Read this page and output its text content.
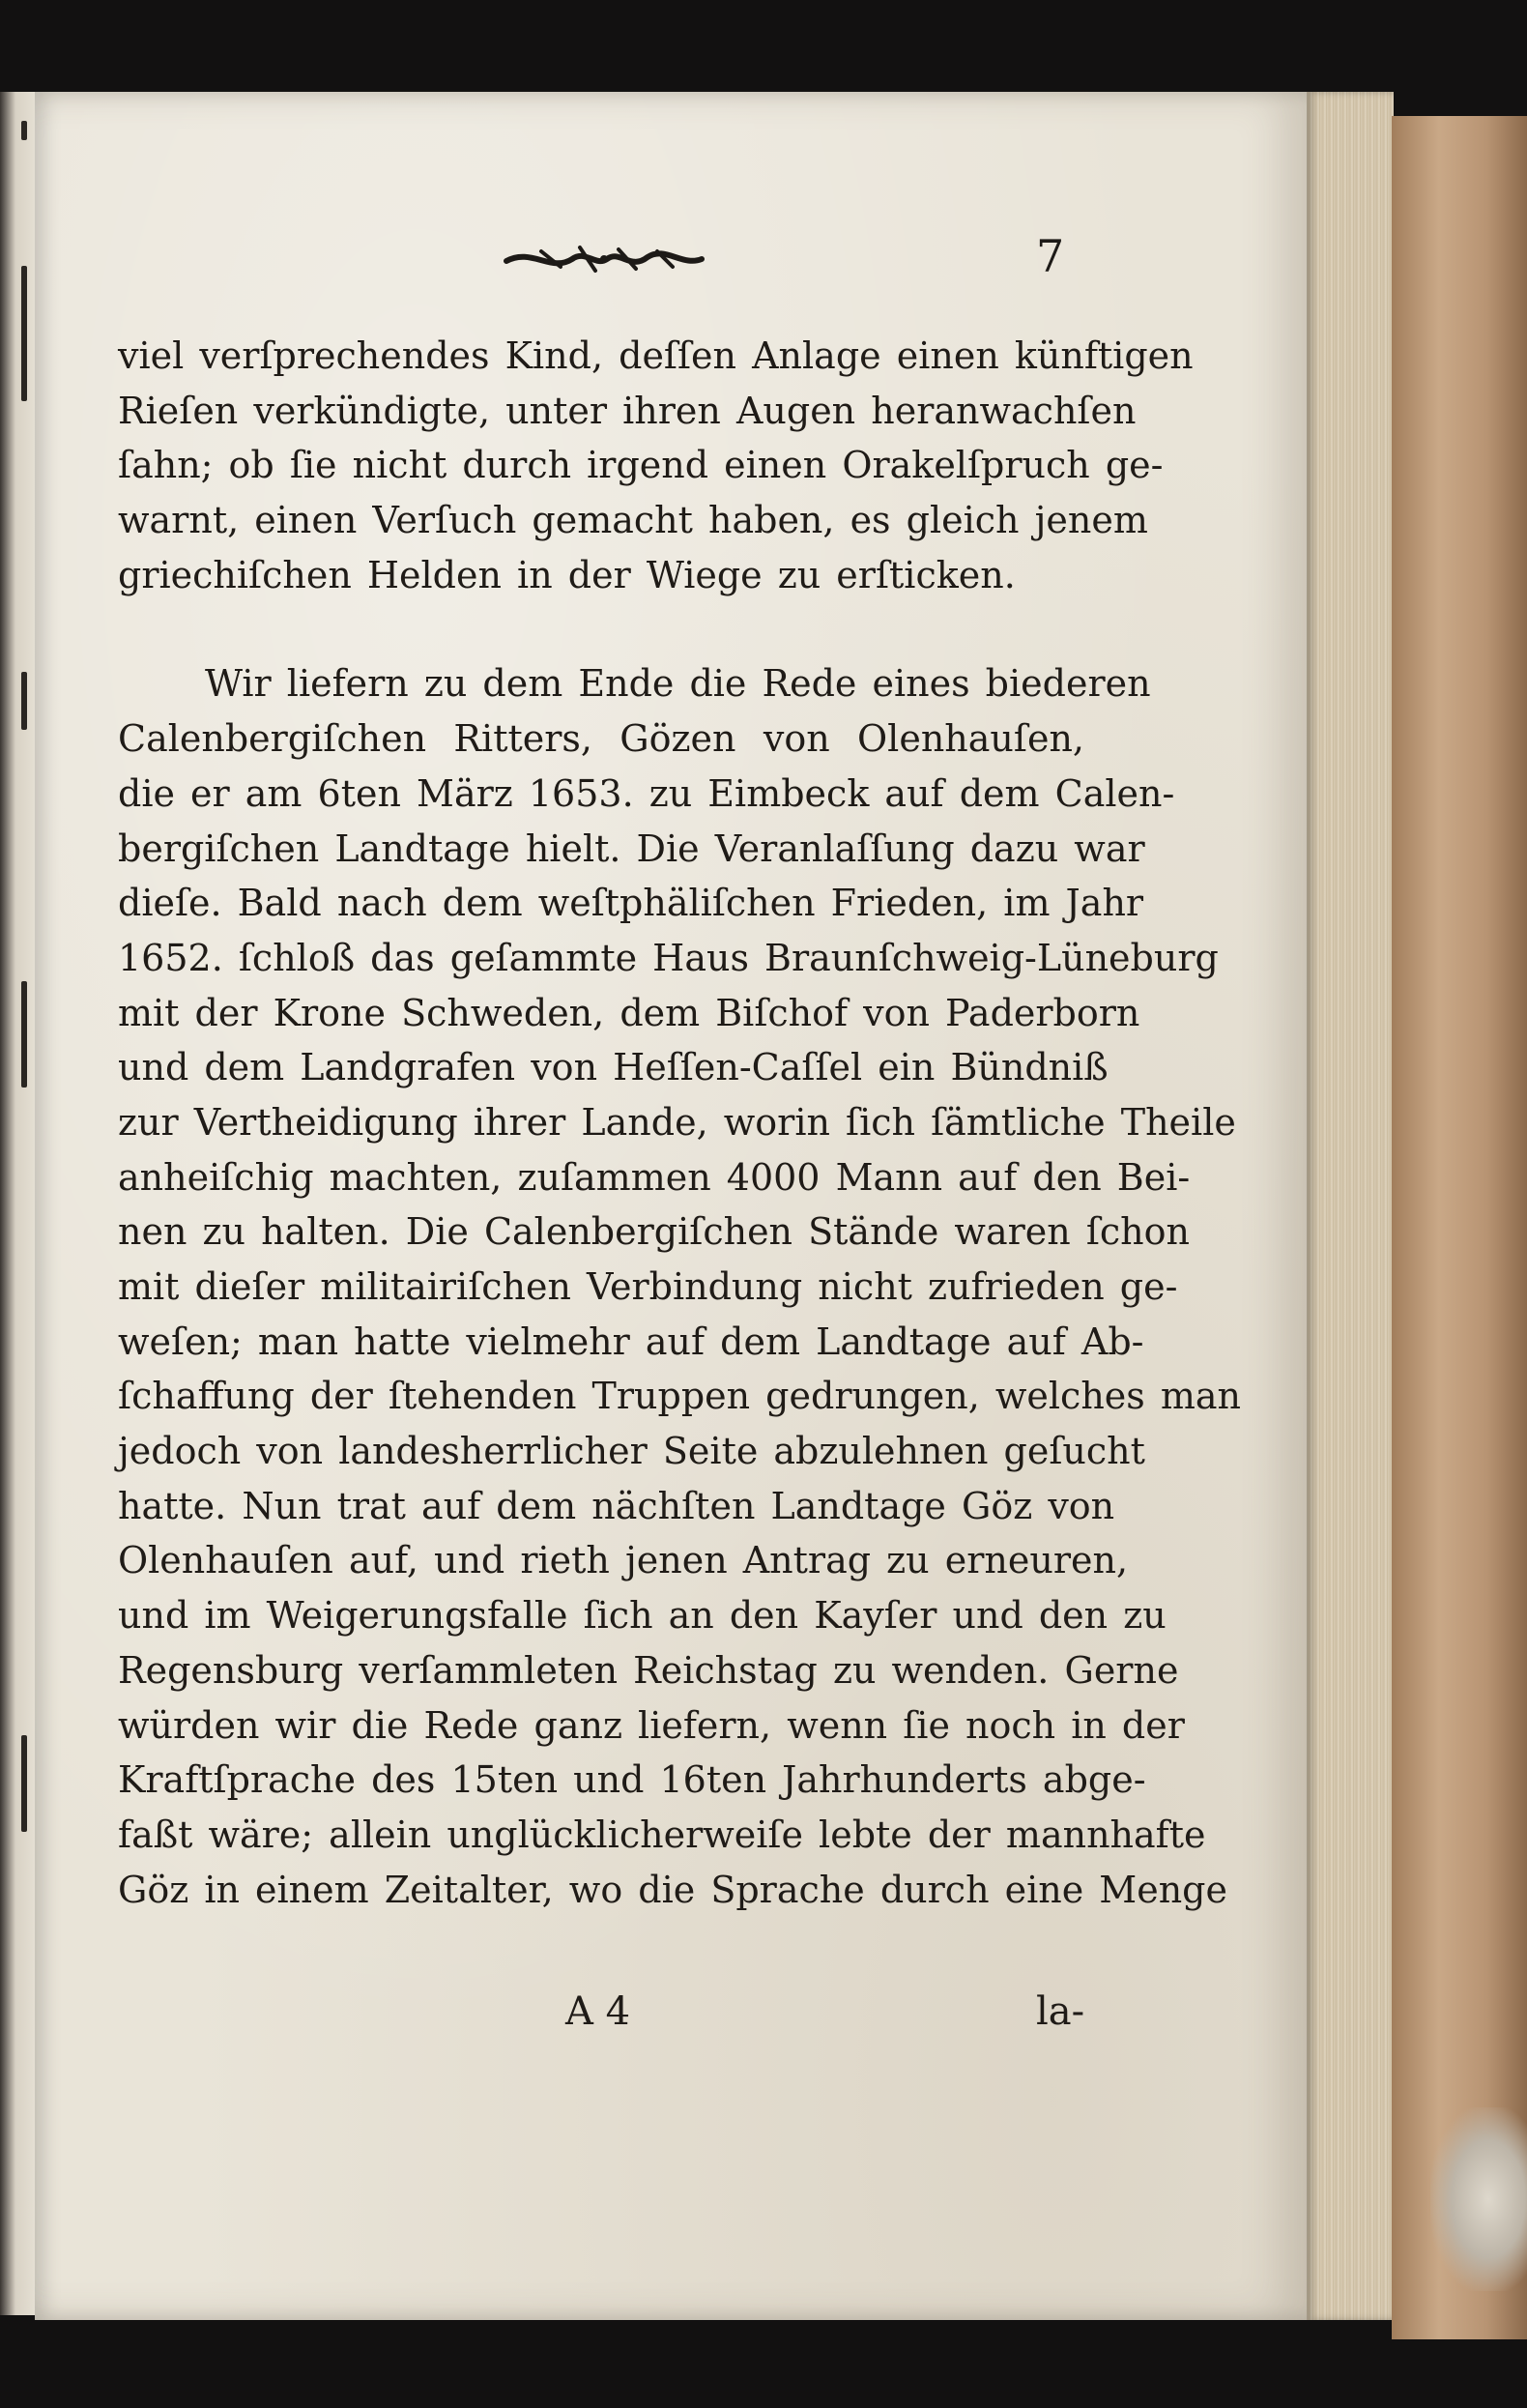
7
viel verſprechendes Kind, deſſen Anlage einen künftigen
Rieſen verkündigte, unter ihren Augen heranwachſen
ſahn; ob ſie nicht durch irgend einen Orakelſpruch ge-
warnt, einen Verſuch gemacht haben, es gleich jenem
griechiſchen Helden in der Wiege zu erſticken.
Wir liefern zu dem Ende die Rede eines biederen
Calenbergiſchen Ritters, Gözen von Olenhauſen,
die er am 6ten März 1653. zu Eimbeck auf dem Calen-
bergiſchen Landtage hielt. Die Veranlaſſung dazu war
dieſe. Bald nach dem weſtphäliſchen Frieden, im Jahr
1652. ſchloß das geſammte Haus Braunſchweig-Lüneburg
mit der Krone Schweden, dem Biſchof von Paderborn
und dem Landgrafen von Heſſen-Caſſel ein Bündniß
zur Vertheidigung ihrer Lande, worin ſich ſämtliche Theile
anheiſchig machten, zuſammen 4000 Mann auf den Bei-
nen zu halten. Die Calenbergiſchen Stände waren ſchon
mit dieſer militairiſchen Verbindung nicht zufrieden ge-
weſen; man hatte vielmehr auf dem Landtage auf Ab-
ſchaffung der ſtehenden Truppen gedrungen, welches man
jedoch von landesherrlicher Seite abzulehnen geſucht
hatte. Nun trat auf dem nächſten Landtage Göz von
Olenhauſen auf, und rieth jenen Antrag zu erneuren,
und im Weigerungsfalle ſich an den Kayſer und den zu
Regensburg verſammleten Reichstag zu wenden. Gerne
würden wir die Rede ganz liefern, wenn ſie noch in der
Kraftſprache des 15ten und 16ten Jahrhunderts abge-
faßt wäre; allein unglücklicherweiſe lebte der mannhafte
Göz in einem Zeitalter, wo die Sprache durch eine Menge
A 4	la-
